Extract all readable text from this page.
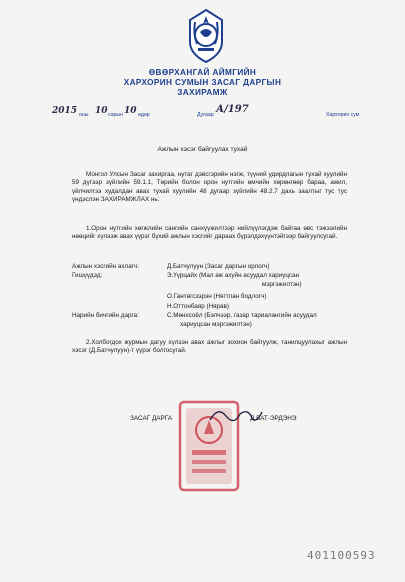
ӨВӨРХАНГАЙ АЙМГИЙН
ХАРХОРИН СУМЫН ЗАСАГ ДАРГЫН
ЗАХИРАМЖ
2015 оны 10 сарын 10 өдөр	Дугаар А/197	Хархорин сум
Ажлын хэсэг байгуулах тухай
Монгол Улсын Засаг захиргаа, нутаг дэвсгэрийн нэгж, түүний удирдлагын тухай хуулийн 59 дүгээр зүйлийн 59.1.1, Төрийн болон орон нутгийн өмчийн хөрөнгөөр бараа, ажил, үйлчилгээ худалдан авах тухай хуулийн 48 дугаар зүйлийн 48.2.7 дахь заалтыг тус тус үндэслэн ЗАХИРАМЖЛАХ нь:
1.Орон нутгийн хөгжлийн сангийн санхүүжилтээр нийлүүлэгдэж байгаа өвс тэжээлийн нөөцийг хүлээж авах үүрэг бүхий ажлын хэсгийг дараах бүрэлдэхүүнтэйгээр байгуулсугай.
Ажлын хэсгийн ахлагч:	Д.Батчулуун (Засаг даргын орлогч)
Гишүүдэд:	Э.Үүрцайх (Мал аж ахуйн асуудал хариуцсан
мэргэжилтэн)
О.Гантөгсзэрэн (Нягтлан бодлогч)
Н.Оттонбаяр (Нярав)
Нарийн бичгийн дарга:	С.Мөнхсоёл (Бэлчээр, газар тариалангийн асуудал
хариуцсан мэргэжилтэн)
2.Холбогдох журмын дагуу хүлээн авах ажлыг зохион байгуулж, танилцуулахыг ажлын хэсэг (Д.Батчулуун)-т үүрэг болгосугай.
ЗАСАГ ДАРГА	Д.БАТ-ЭРДЭНЭ
401100593
